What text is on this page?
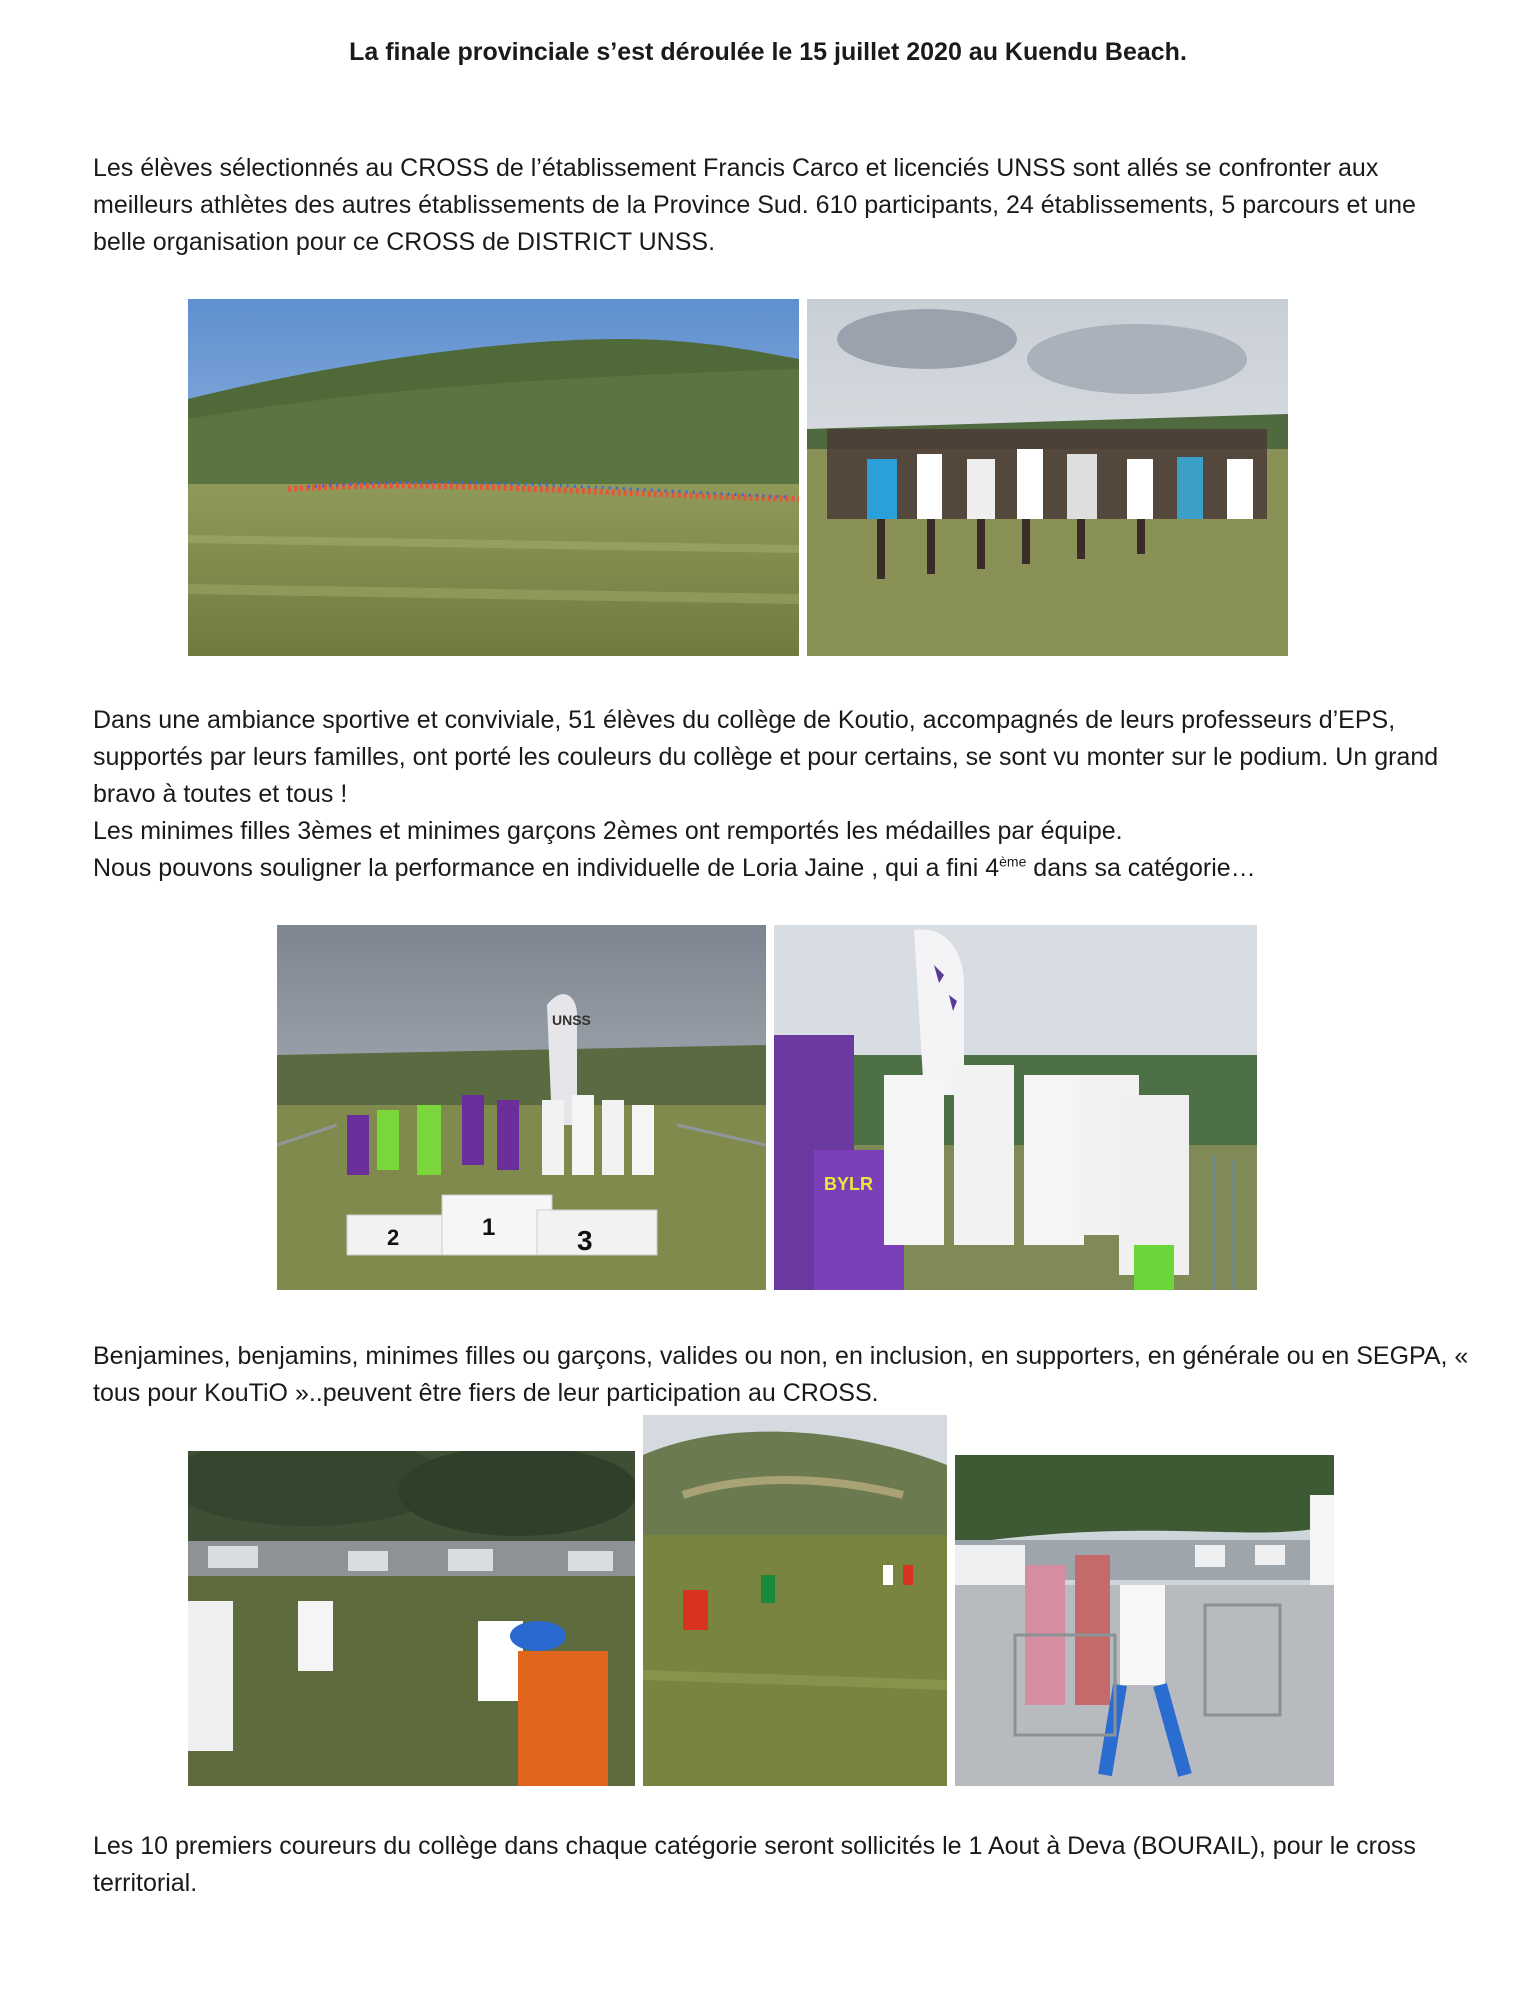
La finale provinciale s’est déroulée le 15 juillet 2020 au Kuendu Beach.
Les élèves sélectionnés au CROSS de l’établissement Francis Carco et licenciés UNSS sont allés se confronter aux meilleurs athlètes des autres établissements de la Province Sud. 610 participants, 24 établissements, 5 parcours et une belle organisation pour ce CROSS de DISTRICT UNSS.

Dans une ambiance sportive et conviviale, 51 élèves du collège de Koutio, accompagnés de leurs professeurs d’EPS, supportés par leurs familles, ont porté les couleurs du collège et pour certains, se sont vu monter sur le podium. Un grand bravo à toutes et tous !

Les minimes filles 3èmes et minimes garçons 2èmes ont remportés les médailles par équipe.

Nous pouvons souligner la performance en individuelle de Loria Jaine , qui a fini 4ème dans sa catégorie…

UNSS
2	1	3
BYLR
Benjamines, benjamins, minimes filles ou garçons, valides ou non, en inclusion, en supporters, en générale ou en SEGPA, « tous pour KouTiO »..peuvent être fiers de leur participation au CROSS.
Les 10 premiers coureurs du collège dans chaque catégorie seront sollicités le 1 Aout à Deva (BOURAIL), pour le cross territorial.
